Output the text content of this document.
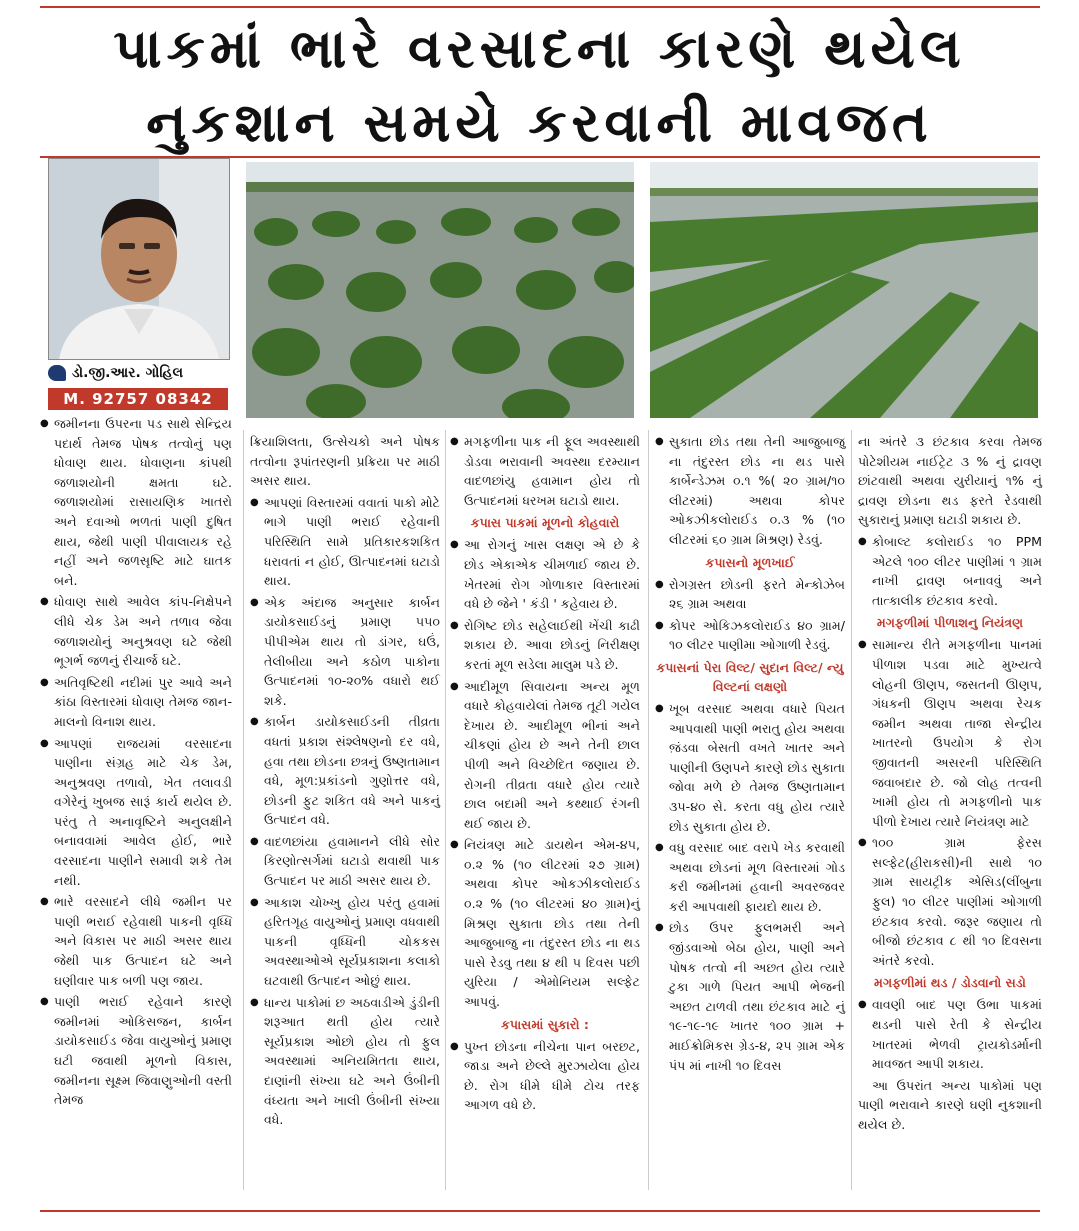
પાકમાં ભારે વરસાદના કારણે થયેલ
નુકશાન સમયે કરવાની માવજત
ડો.જી.આર. ગોહિલ
M. 92757 08342
● જમીનના ઉપરના પડ સાથે સેન્દ્રિય પદાર્થ તેમજ પોષક તત્વોનું પણ ધોવાણ થાય. ધોવાણના કાંપથી જળાશયોની ક્ષમતા ઘટે. જળાશયોમાં રાસાયણિક ખાતરો અને દવાઓ ભળતાં પાણી દુષિત થાય, જેથી પાણી પીવાલાયક રહે નહીં અને જળસૃષ્ટિ માટે ઘાતક બને.
● ધોવાણ સાથે આવેલ કાંપ-નિક્ષેપને લીધે ચેક ડેમ અને તળાવ જેવા જળાશયોનું અનુશ્રવણ ઘટે જેથી ભૂગર્ભ જળનું રીચાર્જ ઘટે.
● અતિવૃષ્ટિથી નદીમાં પુર આવે અને કાંઠા વિસ્તારમાં ધોવાણ તેમજ જાન-માલનો વિનાશ થાય.
● આપણાં રાજયમાં વરસાદના પાણીના સંગ્રહ માટે ચેક ડેમ, અનુશ્રવણ તળાવો, ખેત તલાવડી વગેરેનું ખુબજ સારૂં કાર્ય થયેલ છે. પરંતુ તે અનાવૃષ્ટિને અનુલક્ષીને બનાવવામાં આવેલ હોઈ, ભારે વરસાદના પાણીને સમાવી શકે તેમ નથી.
● ભારે વરસાદને લીધે જમીન પર પાણી ભરાઈ રહેવાથી પાકની વૃધ્ધિ અને વિકાસ પર માઠી અસર થાય જેથી પાક ઉત્પાદન ઘટે અને ઘણીવાર પાક બળી પણ જાય.
● પાણી ભરાઈ રહેવાને કારણે જમીનમાં ઓકિસજન, કાર્બન ડાયોકસાઈડ જેવા વાયુઓનું પ્રમાણ ઘટી જવાથી મૂળનો વિકાસ, જમીનના સૂક્ષ્મ જિવાણુઓની વસ્તી તેમજ

ક્રિયાશિલતા, ઉત્સેચકો અને પોષક તત્વોના રૂપાંતરણની પ્રક્રિયા પર માઠી અસર થાય.

● આપણાં વિસ્તારમાં વવાતાં પાકો મોટે ભાગે પાણી ભરાઈ રહેવાની પરિસ્થિતિ સામે પ્રતિકારકશકિત ધરાવતાં ન હોઈ, ઊત્પાદનમાં ઘટાડો થાય.
● એક અંદાજ અનુસાર કાર્બન ડાયોકસાઈડનું પ્રમાણ ૫૫૦ પીપીએમ થાય તો ડાંગર, ઘઉં, તેલીબીયા અને કઠોળ પાકોના ઉત્પાદનમાં ૧૦-૨૦% વધારો થઈ શકે.
● કાર્બન ડાયોકસાઈડની તીવ્રતા વધતાં પ્રકાશ સંશ્લેષણનો દર વધે, હવા તથા છોડના છત્રનું ઉષ્ણતામાન વધે, મૂળ:પ્રકાંડનો ગુણોત્તર વધે, છોડની ફુટ શકિત વધે અને પાકનું ઉત્પાદન વધે.
● વાદળછાંયા હવામાનને લીધે સોર કિરણોત્સર્ગમાં ઘટાડો થવાથી પાક ઉત્પાદન પર માઠી અસર થાય છે.
● આકાશ ચોખ્ખુ હોય પરંતુ હવામાં હરિતગૃહ વાયુઓનું પ્રમાણ વધવાથી પાકની વૃધ્ધિની ચોકકસ અવસ્થાઓએ સૂર્યપ્રકાશના કલાકો ઘટવાથી ઉત્પાદન ઓછું થાય.
● ધાન્ય પાકોમાં છ અઠવાડીએ ડુંડીની શરૂઆત થતી હોય ત્યારે સૂર્યપ્રકાશ ઓછો હોય તો ફુલ અવસ્થામાં અનિયમિતતા થાય, દાણાંની સંખ્યા ઘટે અને ઉંબીની વંધ્યતા અને ખાલી ઉંબીની સંખ્યા વધે.
● મગફળીના પાક ની ફૂલ અવસ્થાથી ડોડવા ભરાવાની અવસ્થા દરમ્યાન વાદળછાંયુ હવામાન હોય તો ઉત્પાદનમાં ધરખમ ઘટાડો થાય.
કપાસ પાકમાં મૂળનો કોહવારો
● આ રોગનું ખાસ લક્ષણ એ છે કે છોડ એકાએક ચીમળાઈ જાય છે. ખેતરમાં રોગ ગોળાકાર વિસ્તારમાં વધે છે જેને ' કંડી ' કહેવાય છે.
● રોગિષ્ટ છોડ સહેલાઈથી ખેંચી કાઢી શકાય છે. આવા છોડનું નિરીક્ષણ કરતાં મૂળ સડેલા માલુમ પડે છે.
● આદીમૂળ સિવાયના અન્ય મૂળ વધારે કોહવાયેલાં તેમજ તૂટી ગયેલ દેખાય છે. આદીમૂળ ભીનાં અને ચીકણાં હોય છે અને તેની છાલ પીળી અને વિચ્છેદિત જણાય છે. રોગની તીવ્રતા વધારે હોય ત્યારે છાલ બદામી અને કથ્થાઈ રંગની થઈ જાય છે.
● નિયંત્રણ માટે ડાયથેન એમ-૪૫, ૦.૨ % (૧૦ લીટરમાં ૨૭ ગ્રામ) અથવા કોપર ઓકઝીકલોરાઈડ ૦.૨ % (૧૦ લીટરમાં ૪૦ ગ્રામ)નું મિશ્રણ સુકાતા છોડ તથા તેની આજુબાજુ ના તંદુરસ્ત છોડ ના થડ પાસે રેડવુ તથા ૪ થી ૫ દિવસ પછી યુરિયા / એમોનિયમ સલ્ફેટ આપવું.
કપાસમાં સુકારો :
● પુખ્ત છોડના નીચેના પાન બરછટ, જાડા અને છેલ્લે મુરઝાયેલા હોય છે. રોગ ધીમે ધીમે ટોચ તરફ આગળ વધે છે.
● સુકાતા છોડ તથા તેની આજુબાજુ ના તંદુરસ્ત છોડ ના થડ પાસે કાર્બેન્ડેઝમ ૦.૧ %( ૨૦ ગ્રામ/૧૦ લીટરમાં) અથવા કોપર ઓકઝીકલોરાઈડ ૦.૩ % (૧૦ લીટરમાં ૬૦ ગ્રામ મિશ્રણ) રેડવું.
કપાસનો મૂળખાઈ
● રોગગ્રસ્ત છોડની ફરતે મેન્કોઝેબ ૨૬ ગ્રામ અથવા
● કોપર ઓકિઝકલોરાઈડ ૪૦ ગ્રામ/૧૦ લીટર પાણીમા ઓગાળી રેડવું.
કપાસનાં પેરા વિલ્ટ/ સુદાન વિલ્ટ/ ન્યુ વિલ્ટનાં લક્ષણો
● ખૂબ વરસાદ અથવા વધારે પિયત આપવાથી પાણી ભરાતુ હોય અથવા જ઼ંડવા બેસતી વખતે ખાતર અને પાણીની ઉણપને કારણે છોડ સુકાતા જોવા મળે છે તેમજ ઉષ્ણતામાન ૩૫-૪૦ સે. કરતા વધુ હોય ત્યારે છોડ સુકાતા હોય છે.
● વધુ વરસાદ બાદ વરાપે ખેડ કરવાથી અથવા છોડનાં મૂળ વિસ્તારમાં ગોડ કરી જમીનમાં હવાની અવરજવર કરી આપવાથી ફાયદો થાય છે.
● છોડ ઉપર ફુલભમરી અને જીંડવાઓ બેઠા હોય, પાણી અને પોષક તત્વો ની અછત હોય ત્યારે ટુકા ગાળે પિયત આપી ભેજની અછત ટાળવી તથા છંટકાવ માટે નું ૧૯-૧૯-૧૯ ખાતર ૧૦૦ ગ્રામ + માઈક્રોમિકસ ગ્રેડ-૪, ૨૫ ગ્રામ એક પંપ માં નાખી ૧૦ દિવસ

ના અંતરે ૩ છંટકાવ કરવા તેમજ પોટેશીયમ નાઈટ્રેટ ૩ % નું દ્રાવણ છાંટવાથી અથવા યુરીયાનું ૧% નું દ્રાવણ છોડના થડ ફરતે રેડવાથી સુકારાનું પ્રમાણ ઘટાડી શકાય છે.

● કોબાલ્ટ કલોરાઈડ ૧૦ PPM એટલે ૧૦૦ લીટર પાણીમાં ૧ ગ્રામ નાખી દ્રાવણ બનાવવું અને તાત્કાલીક છંટકાવ કરવો.
મગફળીમાં પીળાશનુ નિયંત્રણ
● સામાન્ય રીતે મગફળીના પાનમાં પીળાશ પડવા માટે મુખ્યત્વે લોહની ઊણપ, જસતની ઊણપ, ગંધકની ઊણપ અથવા રેચક જમીન અથવા તાજા સેન્દ્રીય ખાતરનો ઉપયોગ કે રોગ જીવાતની અસરની પરિસ્થિતિ જવાબદાર છે. જો લોહ તત્વની ખામી હોય તો મગફળીનો પાક પીળો દેખાય ત્યારે નિયંત્રણ માટે
● ૧૦૦ ગ્રામ ફેરસ સલ્ફેટ(હીરાકસી)ની સાથે ૧૦ ગ્રામ સાયટ્રીક એસિડ(લીંબુના ફુલ) ૧૦ લીટર પાણીમાં ઓગાળી છંટકાવ કરવો. જરૂર જણાય તો બીજો છંટકાવ ૮ થી ૧૦ દિવસના અંતરે કરવો.
મગફળીમાં થડ / ડોડવાનો સડો
● વાવણી બાદ પણ ઉભા પાકમાં થડની પાસે રેતી કે સેન્દ્રીય ખાતરમાં ભેળવી ટ્રાયકોડર્માની માવજત આપી શકાય.

આ ઉપરાંત અન્ય પાકોમાં પણ પાણી ભરાવાને કારણે ઘણી નુકશાની થયેલ છે.
